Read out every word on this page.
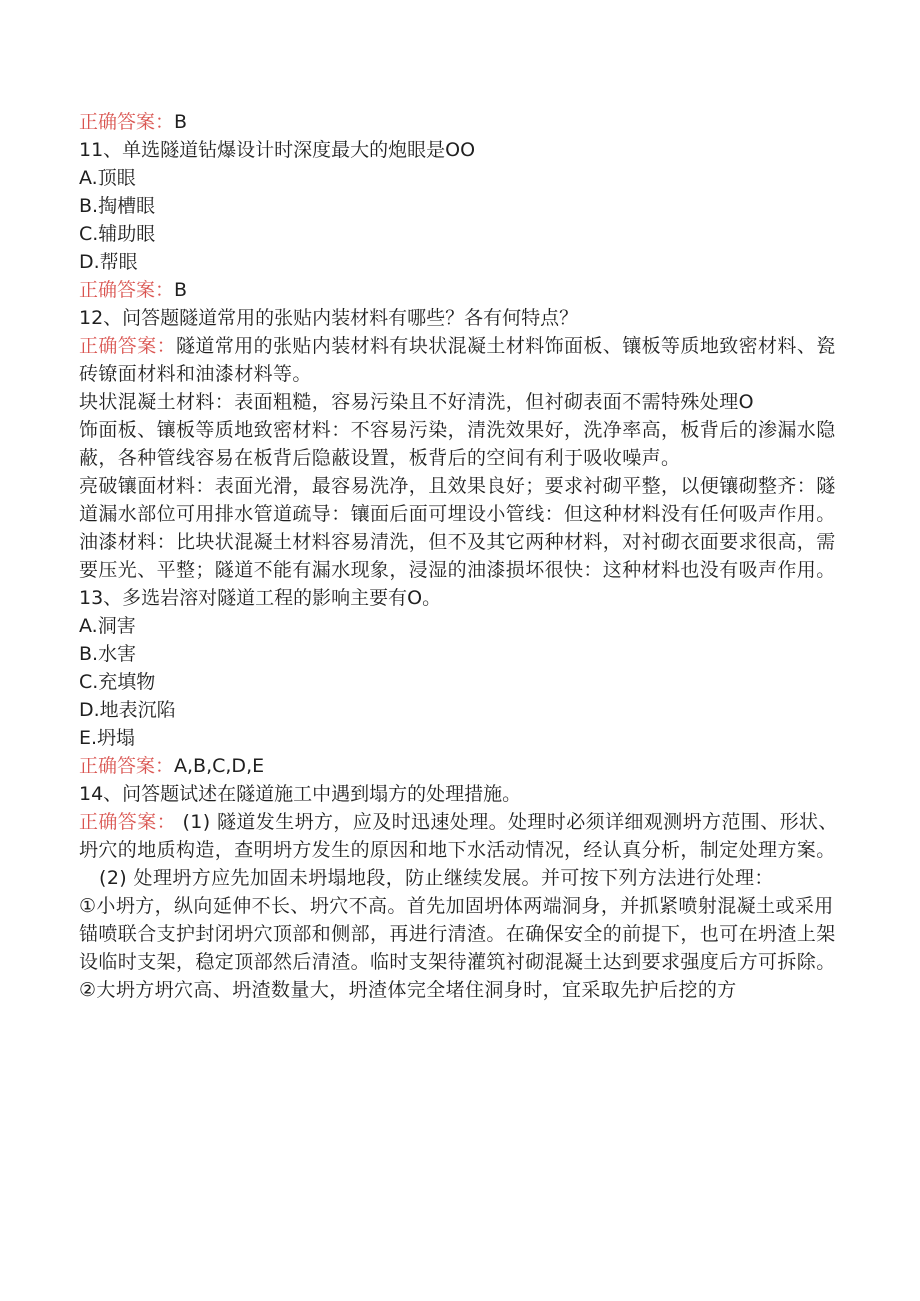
正确答案：B
11、单选隧道钻爆设计时深度最大的炮眼是OO
A.顶眼
B.掏槽眼
C.辅助眼
D.帮眼
正确答案：B
12、问答题隧道常用的张贴内装材料有哪些？各有何特点？
正确答案：隧道常用的张贴内装材料有块状混凝土材料饰面板、镶板等质地致密材料、瓷砖镣面材料和油漆材料等。
块状混凝土材料：表面粗糙，容易污染且不好清洗，但衬砌表面不需特殊处理O
饰面板、镶板等质地致密材料：不容易污染，清洗效果好，洗净率高，板背后的渗漏水隐蔽，各种管线容易在板背后隐蔽设置，板背后的空间有利于吸收噪声。
亮破镶面材料：表面光滑，最容易洗净，且效果良好；要求衬砌平整，以便镶砌整齐：隧道漏水部位可用排水管道疏导：镶面后面可埋设小管线：但这种材料没有任何吸声作用。
油漆材料：比块状混凝土材料容易清洗，但不及其它两种材料，对衬砌衣面要求很高，需要压光、平整；隧道不能有漏水现象，浸湿的油漆损坏很快：这种材料也没有吸声作用。
13、多选岩溶对隧道工程的影响主要有O。
A.洞害
B.水害
C.充填物
D.地表沉陷
E.坍塌
正确答案：A,B,C,D,E
14、问答题试述在隧道施工中遇到塌方的处理措施。
正确答案： (1) 隧道发生坍方，应及时迅速处理。处理时必须详细观测坍方范围、形状、坍穴的地质构造，查明坍方发生的原因和地下水活动情况，经认真分析，制定处理方案。
(2) 处理坍方应先加固未坍塌地段，防止继续发展。并可按下列方法进行处理：
①小坍方，纵向延伸不长、坍穴不高。首先加固坍体两端洞身，并抓紧喷射混凝土或采用锚喷联合支护封闭坍穴顶部和侧部，再进行清渣。在确保安全的前提下，也可在坍渣上架设临时支架，稳定顶部然后清渣。临时支架待灌筑衬砌混凝土达到要求强度后方可拆除。
②大坍方坍穴高、坍渣数量大，坍渣体完全堵住洞身时，宜采取先护后挖的方
